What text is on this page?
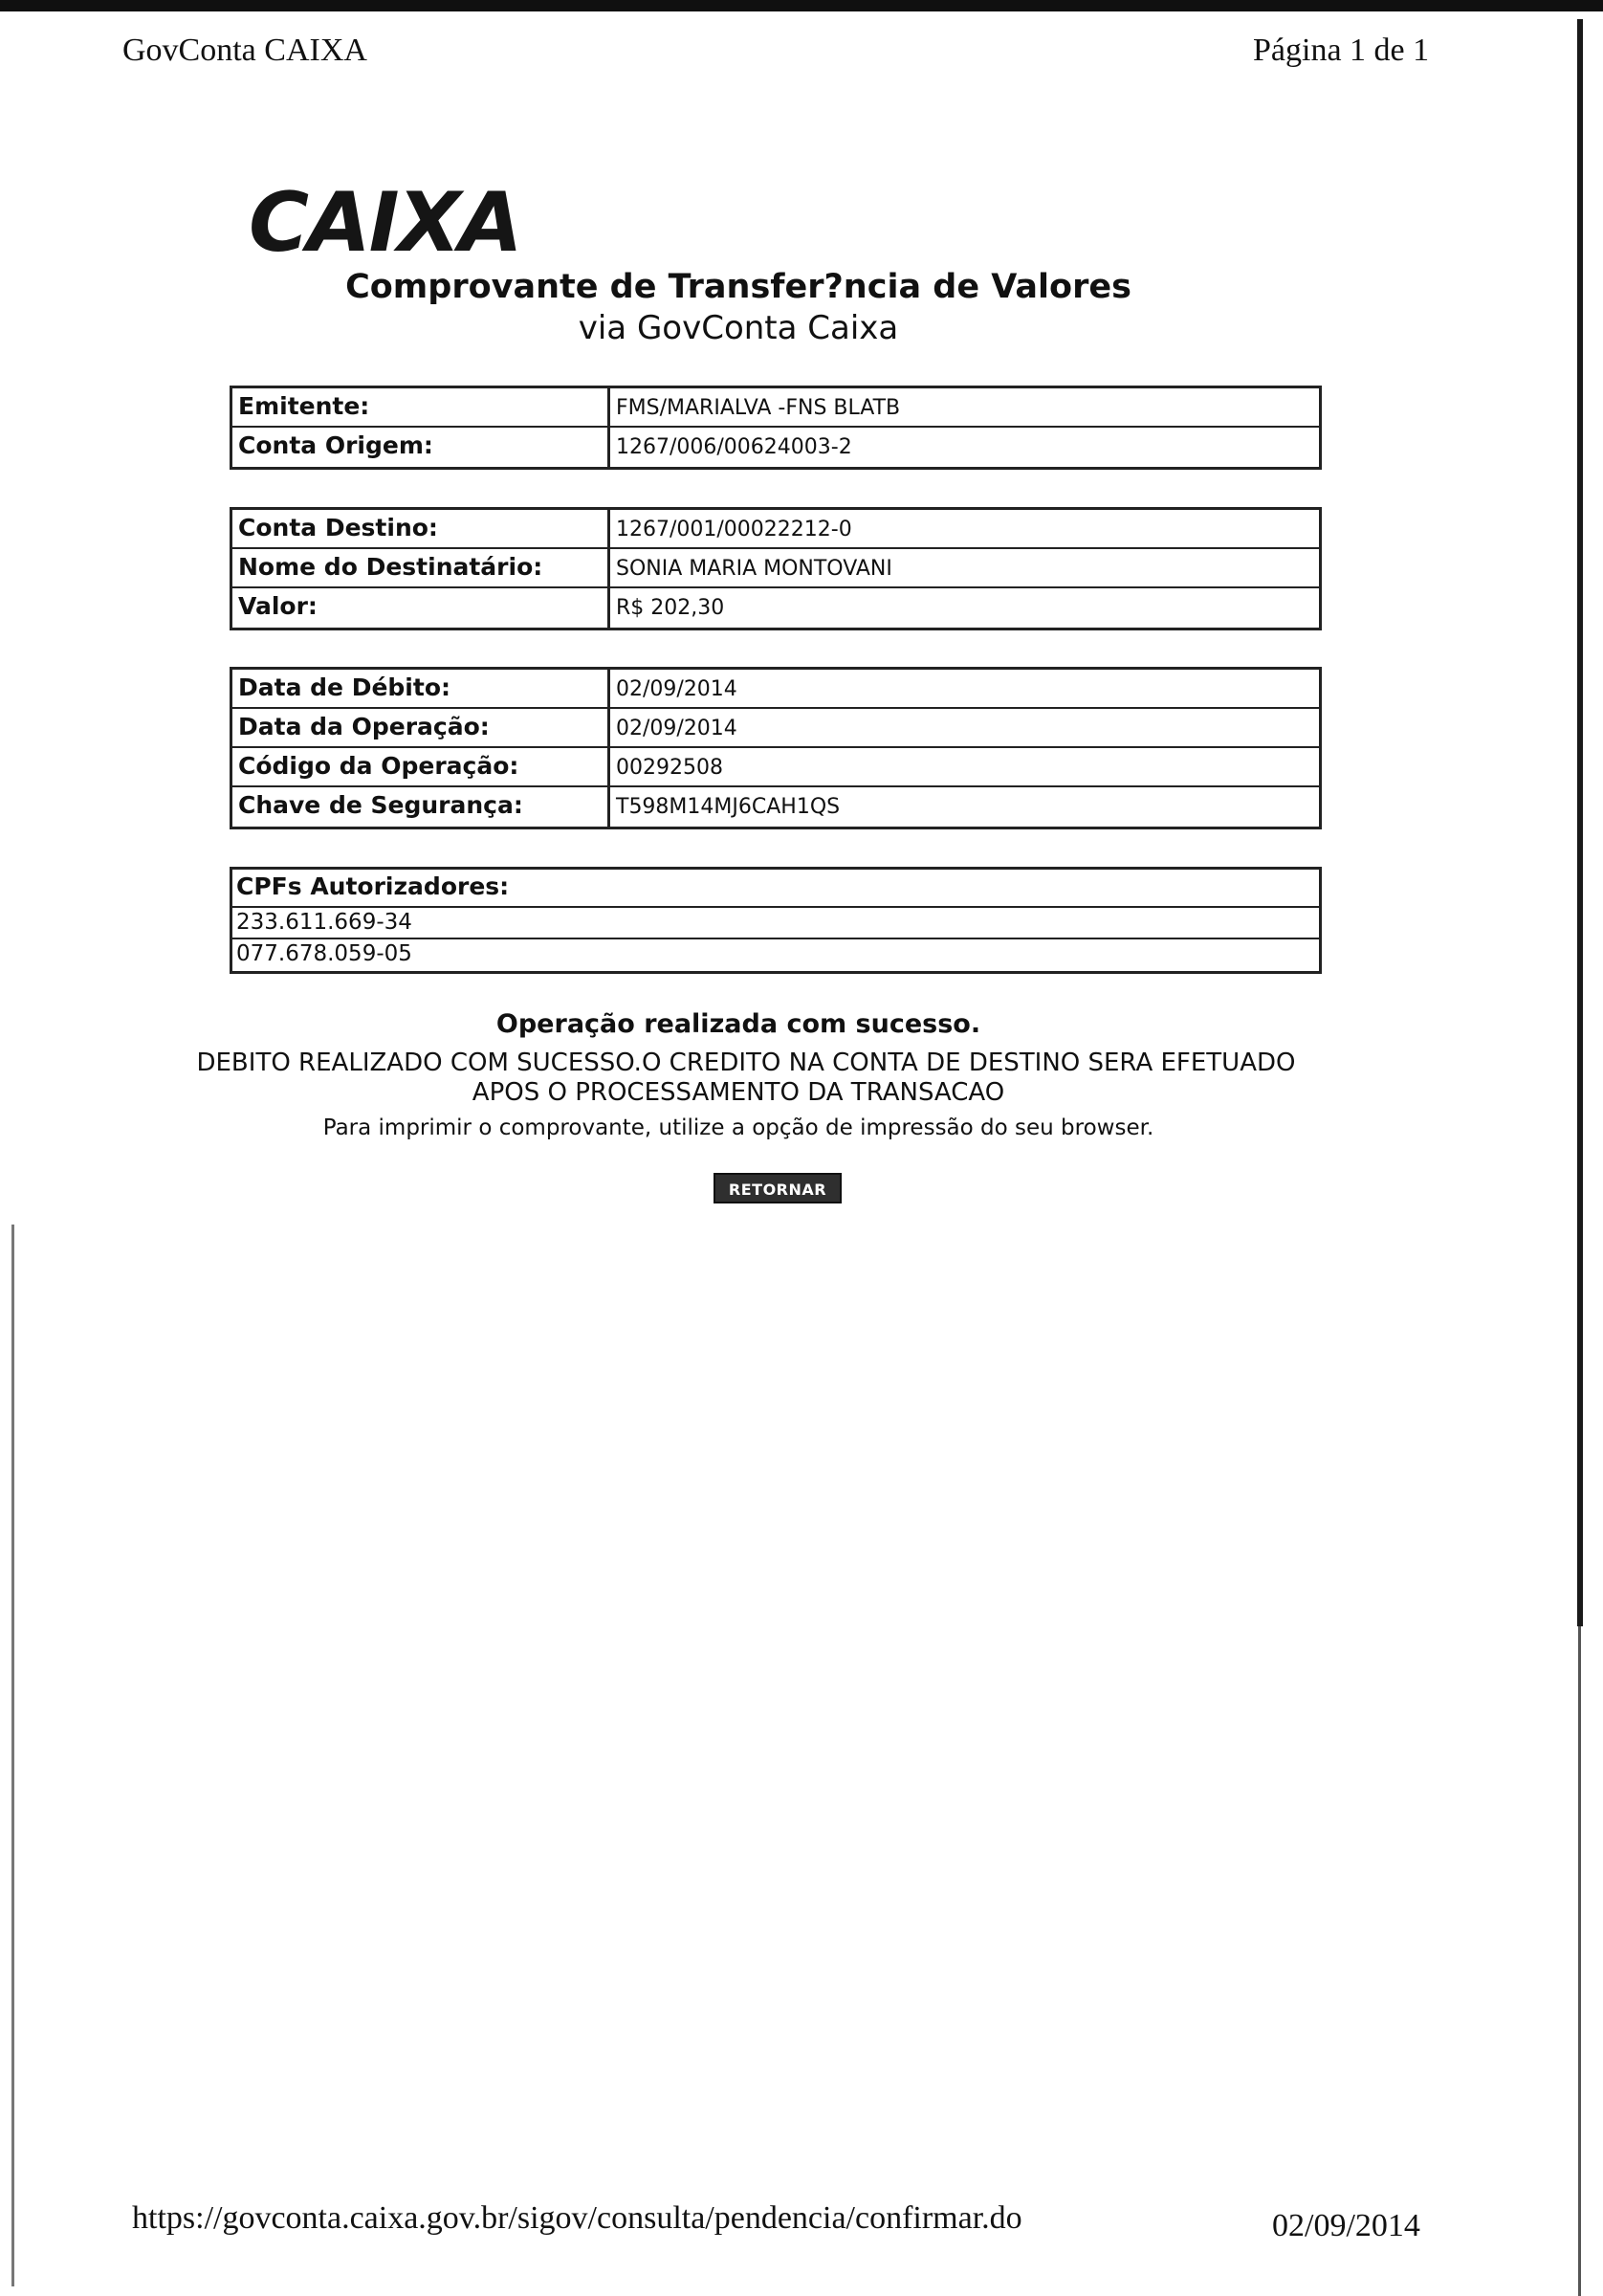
GovConta CAIXA	Página 1 de 1
CAIXA
Comprovante de Transfer?ncia de Valores
via GovConta Caixa
Emitente:	FMS/MARIALVA -FNS BLATB
Conta Origem:	1267/006/00624003-2
Conta Destino:	1267/001/00022212-0
Nome do Destinatário:	SONIA MARIA MONTOVANI
Valor:	R$ 202,30
Data de Débito:	02/09/2014
Data da Operação:	02/09/2014
Código da Operação:	00292508
Chave de Segurança:	T598M14MJ6CAH1QS
CPFs Autorizadores:
233.611.669-34
077.678.059-05
Operação realizada com sucesso.
DEBITO REALIZADO COM SUCESSO.O CREDITO NA CONTA DE DESTINO SERA EFETUADO
APOS O PROCESSAMENTO DA TRANSACAO
Para imprimir o comprovante, utilize a opção de impressão do seu browser.
RETORNAR
https://govconta.caixa.gov.br/sigov/consulta/pendencia/confirmar.do	02/09/2014
